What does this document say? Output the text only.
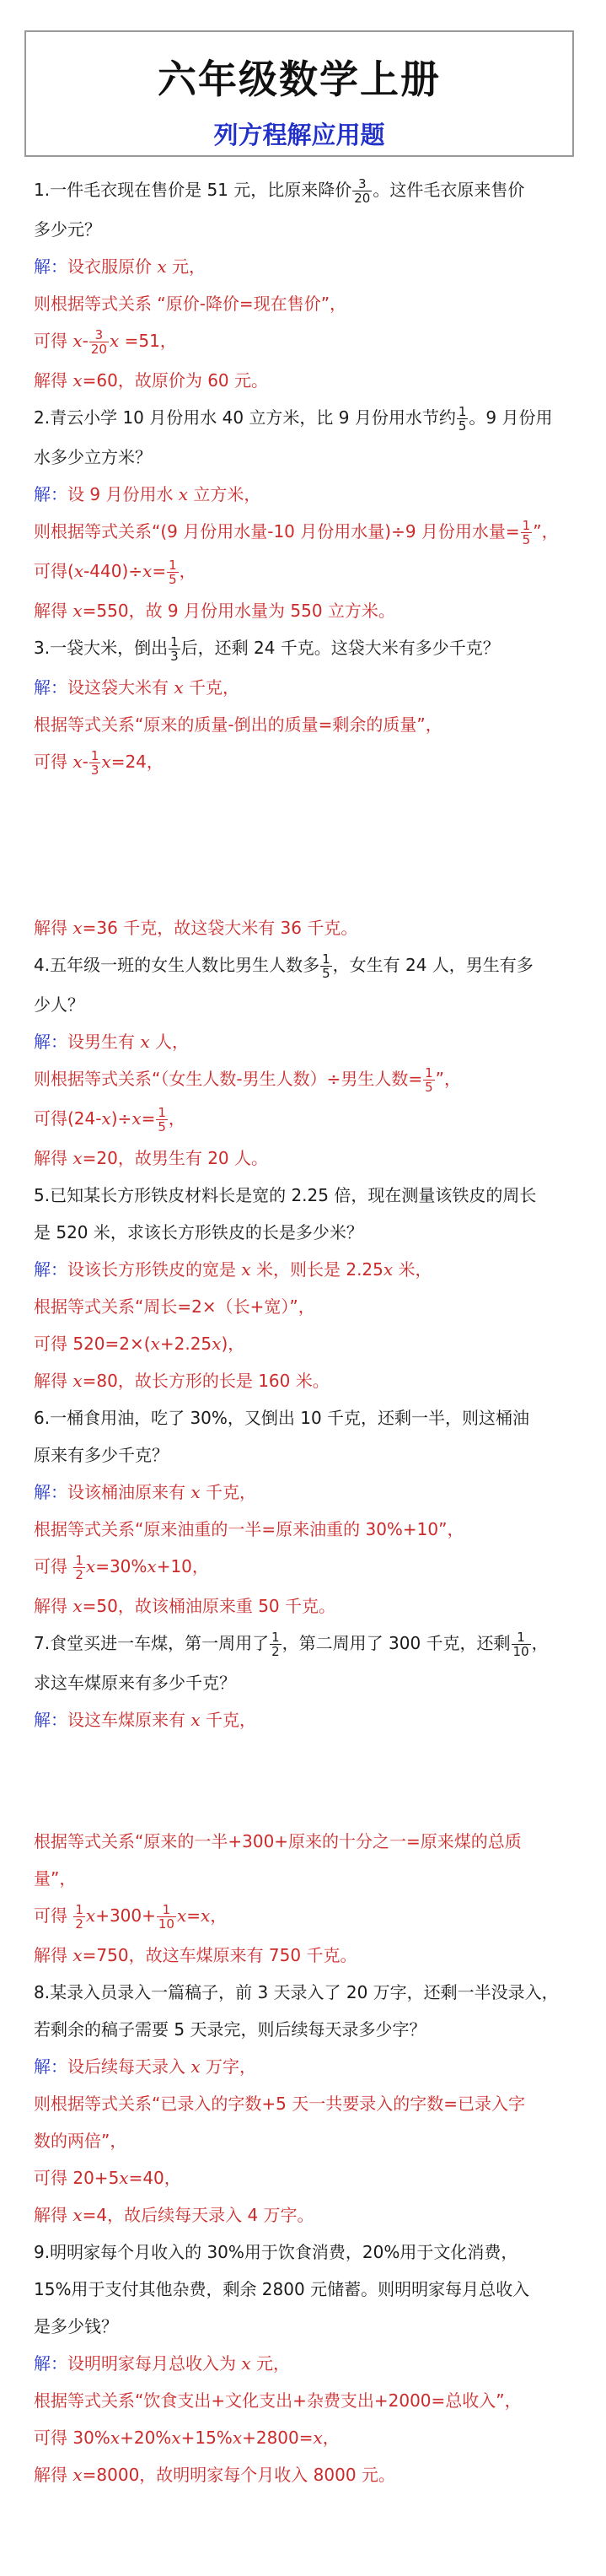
六年级数学上册
列方程解应用题
1.一件毛衣现在售价是 51 元，比原来降价 $\frac{3}{20}$ 。这件毛衣原来售价
多少元？
解：设衣服原价 x 元，
则根据等式关系 “原价-降价=现在售价”，
可得 $x- \frac{3}{20}$ x =51，
解得 x=60，故原价为 60 元。
2.青云小学 10 月份用水 40 立方米，比 9 月份用水节约 $\frac{1}{5}$ 。9 月份用
水多少立方米？
解：设 9 月份用水 x 立方米，
则根据等式关系“(9 月份用水量-10 月份用水量)÷9 月份用水量= $\frac{1}{5}$ ”，
可得$(x-440)\div x= \frac{1}{5}$ ，
解得 x=550，故 9 月份用水量为 550 立方米。
3.一袋大米，倒出 $\frac{1}{3}$ 后，还剩 24 千克。这袋大米有多少千克？
解：设这袋大米有 x 千克，
根据等式关系“原来的质量-倒出的质量=剩余的质量”，
可得 $x- \frac{1}{3} x=24$，
解得 x=36 千克，故这袋大米有 36 千克。
4.五年级一班的女生人数比男生人数多 $\frac{1}{5}$ ，女生有 24 人，男生有多
少人？
解：设男生有 x 人，
则根据等式关系“（女生人数-男生人数）÷男生人数= $\frac{1}{5}$ ”，
可得$(24-x)\div x= \frac{1}{5}$ ，
解得 x=20，故男生有 20 人。
5.已知某长方形铁皮材料长是宽的 2.25 倍，现在测量该铁皮的周长
是 520 米，求该长方形铁皮的长是多少米？
解：设该长方形铁皮的宽是 x 米，则长是 2.25x 米，
根据等式关系“周长=2×（长+宽）”，
可得 520=2×(x+2.25x)，
解得 x=80，故长方形的长是 160 米。
6.一桶食用油，吃了 30%，又倒出 10 千克，还剩一半，则这桶油
原来有多少千克？
解：设该桶油原来有 x 千克，
根据等式关系“原来油重的一半=原来油重的 30%+10”，
可得 $\frac{1}{2} x=30\%x+10$，
解得 x=50，故该桶油原来重 50 千克。
7.食堂买进一车煤，第一周用了 $\frac{1}{2}$ ，第二周用了 300 千克，还剩 $\frac{1}{10}$ ，
求这车煤原来有多少千克？
解：设这车煤原来有 x 千克，
根据等式关系“原来的一半+300+原来的十分之一=原来煤的总质
量”，
可得 $\frac{1}{2} x+300+ \frac{1}{10} x=x$，
解得 x=750，故这车煤原来有 750 千克。
8.某录入员录入一篇稿子，前 3 天录入了 20 万字，还剩一半没录入，
若剩余的稿子需要 5 天录完，则后续每天录多少字？
解：设后续每天录入 x 万字，
则根据等式关系“已录入的字数+5 天一共要录入的字数=已录入字
数的两倍”，
可得 20+5x=40，
解得 x=4，故后续每天录入 4 万字。
9.明明家每个月收入的 30%用于饮食消费，20%用于文化消费，
15%用于支付其他杂费，剩余 2800 元储蓄。则明明家每月总收入
是多少钱？
解：设明明家每月总收入为 x 元，
根据等式关系“饮食支出+文化支出+杂费支出+2000=总收入”，
可得 30%x+20%x+15%x+2800=x，
解得 x=8000，故明明家每个月收入 8000 元。
